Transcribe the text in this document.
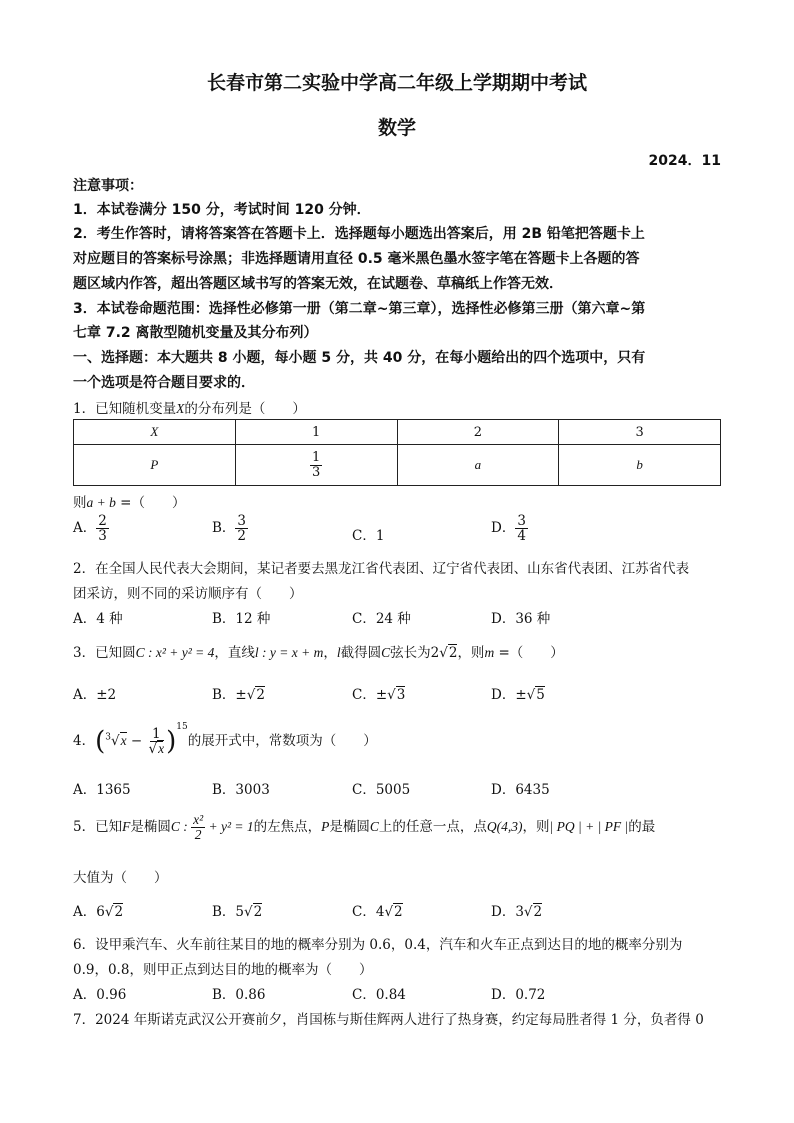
长春市第二实验中学高二年级上学期期中考试
数学
2024．11
注意事项：
1．本试卷满分 150 分，考试时间 120 分钟．
2．考生作答时，请将答案答在答题卡上．选择题每小题选出答案后，用 2B 铅笔把答题卡上
对应题目的答案标号涂黑；非选择题请用直径 0.5 毫米黑色墨水签字笔在答题卡上各题的答
题区域内作答，超出答题区域书写的答案无效，在试题卷、草稿纸上作答无效．
3．本试卷命题范围：选择性必修第一册（第二章~第三章），选择性必修第三册（第六章~第
七章 7.2 离散型随机变量及其分布列）
一、选择题：本大题共 8 小题，每小题 5 分，共 40 分，在每小题给出的四个选项中，只有
一个选项是符合题目要求的．
1．已知随机变量X的分布列是（　　）
X	1	2	3
P	$\frac{1}{3}$	a	b
则a + b =（　　）
A． $\frac{2}{3}$	B． $\frac{3}{2}$	C．1	D． $\frac{3}{4}$
2．在全国人民代表大会期间，某记者要去黑龙江省代表团、辽宁省代表团、山东省代表团、江苏省代表
团采访，则不同的采访顺序有（　　）
A．4 种	B．12 种	C．24 种	D．36 种
3．已知圆C : x² + y² = 4，直线l : y = x + m，l截得圆C弦长为2√2，则m =（　　）
A．±2	B．±√2	C．±√3	D．±√5
4．$(^3√x - \frac{1}{√x} )^{15}$的展开式中，常数项为（　　）
A．1365	B．3003	C．5005	D．6435
5．已知F是椭圆C : $\frac{\text{x²}}{2} + y^2 = 1$的左焦点，P是椭圆C上的任意一点，点Q(4,3)，则| PQ | + | PF |的最
大值为（　　）
A．6√2	B．5√2	C．4√2	D．3√2
6．设甲乘汽车、火车前往某目的地的概率分别为 0.6，0.4，汽车和火车正点到达目的地的概率分别为
0.9，0.8，则甲正点到达目的地的概率为（　　）
A．0.96	B．0.86	C．0.84	D．0.72
7．2024 年斯诺克武汉公开赛前夕，肖国栋与斯佳辉两人进行了热身赛，约定每局胜者得 1 分，负者得 0
